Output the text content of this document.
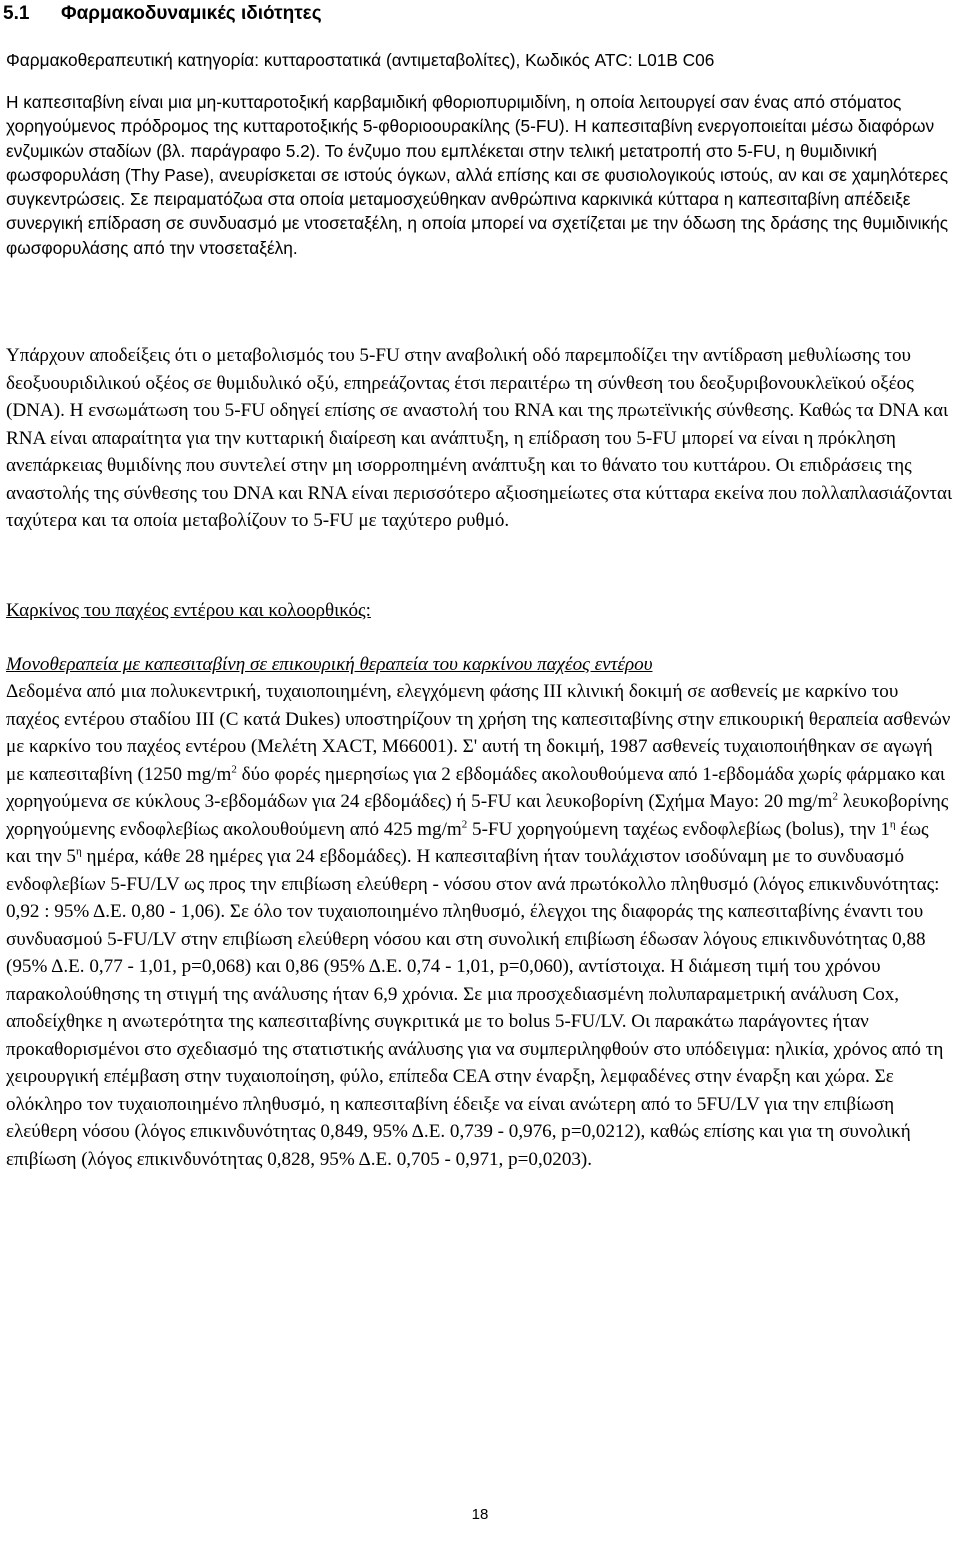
5.1 Φαρμακοδυναμικές ιδιότητες

Φαρμακοθεραπευτική κατηγορία: κυτταροστατικά (αντιμεταβολίτες), Κωδικός ATC: L01B C06

Η καπεσιταβίνη είναι μια μη-κυτταροτοξική καρβαμιδική φθοριοπυριμιδίνη, η οποία λειτουργεί σαν ένας από στόματος χορηγούμενος πρόδρομος της κυτταροτοξικής 5-φθοριοουρακίλης (5-FU). Η καπεσιταβίνη ενεργοποιείται μέσω διαφόρων ενζυμικών σταδίων (βλ. παράγραφο 5.2). Το ένζυμο που εμπλέκεται στην τελική μετατροπή στο 5-FU, η θυμιδινική φωσφορυλάση (Thy Pase), ανευρίσκεται σε ιστούς όγκων, αλλά επίσης και σε φυσιολογικούς ιστούς, αν και σε χαμηλότερες συγκεντρώσεις. Σε πειραματόζωα στα οποία μεταμοσχεύθηκαν ανθρώπινα καρκινικά κύτταρα η καπεσιταβίνη απέδειξε συνεργική επίδραση σε συνδυασμό με ντοσεταξέλη, η οποία μπορεί να σχετίζεται με την όδωση της δράσης της θυμιδινικής φωσφορυλάσης από την ντοσεταξέλη.

Υπάρχουν αποδείξεις ότι ο μεταβολισμός του 5-FU στην αναβολική οδό παρεμποδίζει την αντίδραση μεθυλίωσης του δεοξυουριδιλικού οξέος σε θυμιδυλικό οξύ, επηρεάζοντας έτσι περαιτέρω τη σύνθεση του δεοξυριβονουκλεϊκού οξέος (DNA). Η ενσωμάτωση του 5-FU οδηγεί επίσης σε αναστολή του RNA και της πρωτεϊνικής σύνθεσης. Καθώς τα DNA και RNA είναι απαραίτητα για την κυτταρική διαίρεση και ανάπτυξη, η επίδραση του 5-FU μπορεί να είναι η πρόκληση ανεπάρκειας θυμιδίνης που συντελεί στην μη ισορροπημένη ανάπτυξη και το θάνατο του κυττάρου. Οι επιδράσεις της αναστολής της σύνθεσης του DNA και RNA είναι περισσότερο αξιοσημείωτες στα κύτταρα εκείνα που πολλαπλασιάζονται ταχύτερα και τα οποία μεταβολίζουν το 5-FU με ταχύτερο ρυθμό.

Καρκίνος του παχέος εντέρου και κολοορθικός:

Μονοθεραπεία με καπεσιταβίνη σε επικουρική θεραπεία του καρκίνου παχέος εντέρου

Δεδομένα από μια πολυκεντρική, τυχαιοποιημένη, ελεγχόμενη φάσης ΙΙΙ κλινική δοκιμή σε ασθενείς με καρκίνο του παχέος εντέρου σταδίου ΙΙΙ (C κατά Dukes) υποστηρίζουν τη χρήση της καπεσιταβίνης στην επικουρική θεραπεία ασθενών με καρκίνο του παχέος εντέρου (Μελέτη XACT, M66001). Σ' αυτή τη δοκιμή, 1987 ασθενείς τυχαιοποιήθηκαν σε αγωγή με καπεσιταβίνη (1250 $mg/m^2$ δύο φορές ημερησίως για 2 εβδομάδες ακολουθούμενα από 1-εβδομάδα χωρίς φάρμακο και χορηγούμενα σε κύκλους 3-εβδομάδων για 24 εβδομάδες) ή 5-FU και λευκοβορίνη (Σχήμα Mayo: 20 $mg/m^2$ λευκοβορίνης χορηγούμενης ενδοφλεβίως ακολουθούμενη από 425 $mg/m^2$ 5-FU χορηγούμενη ταχέως ενδοφλεβίως (bolus), την $1^\eta$ έως και την $5^\eta$ ημέρα, κάθε 28 ημέρες για 24 εβδομάδες). Η καπεσιταβίνη ήταν τουλάχιστον ισοδύναμη με το συνδυασμό ενδοφλεβίων 5-FU/LV ως προς την επιβίωση ελεύθερη - νόσου στον ανά πρωτόκολλο πληθυσμό (λόγος επικινδυνότητας: 0,92 : 95% Δ.Ε. 0,80 - 1,06). Σε όλο τον τυχαιοποιημένο πληθυσμό, έλεγχοι της διαφοράς της καπεσιταβίνης έναντι του συνδυασμού 5-FU/LV στην επιβίωση ελεύθερη νόσου και στη συνολική επιβίωση έδωσαν λόγους επικινδυνότητας 0,88 (95% Δ.Ε. 0,77 - 1,01, p=0,068) και 0,86 (95% Δ.Ε. 0,74 - 1,01, p=0,060), αντίστοιχα. Η διάμεση τιμή του χρόνου παρακολούθησης τη στιγμή της ανάλυσης ήταν 6,9 χρόνια. Σε μια προσχεδιασμένη πολυπαραμετρική ανάλυση Cox, αποδείχθηκε η ανωτερότητα της καπεσιταβίνης συγκριτικά με το bolus 5-FU/LV. Οι παρακάτω παράγοντες ήταν προκαθορισμένοι στο σχεδιασμό της στατιστικής ανάλυσης για να συμπεριληφθούν στο υπόδειγμα: ηλικία, χρόνος από τη χειρουργική επέμβαση στην τυχαιοποίηση, φύλο, επίπεδα CEA στην έναρξη, λεμφαδένες στην έναρξη και χώρα. Σε ολόκληρο τον τυχαιοποιημένο πληθυσμό, η καπεσιταβίνη έδειξε να είναι ανώτερη από το 5FU/LV για την επιβίωση ελεύθερη νόσου (λόγος επικινδυνότητας 0,849, 95% Δ.Ε. 0,739 - 0,976, p=0,0212), καθώς επίσης και για τη συνολική επιβίωση (λόγος επικινδυνότητας 0,828, 95% Δ.Ε. 0,705 - 0,971, p=0,0203).

18
